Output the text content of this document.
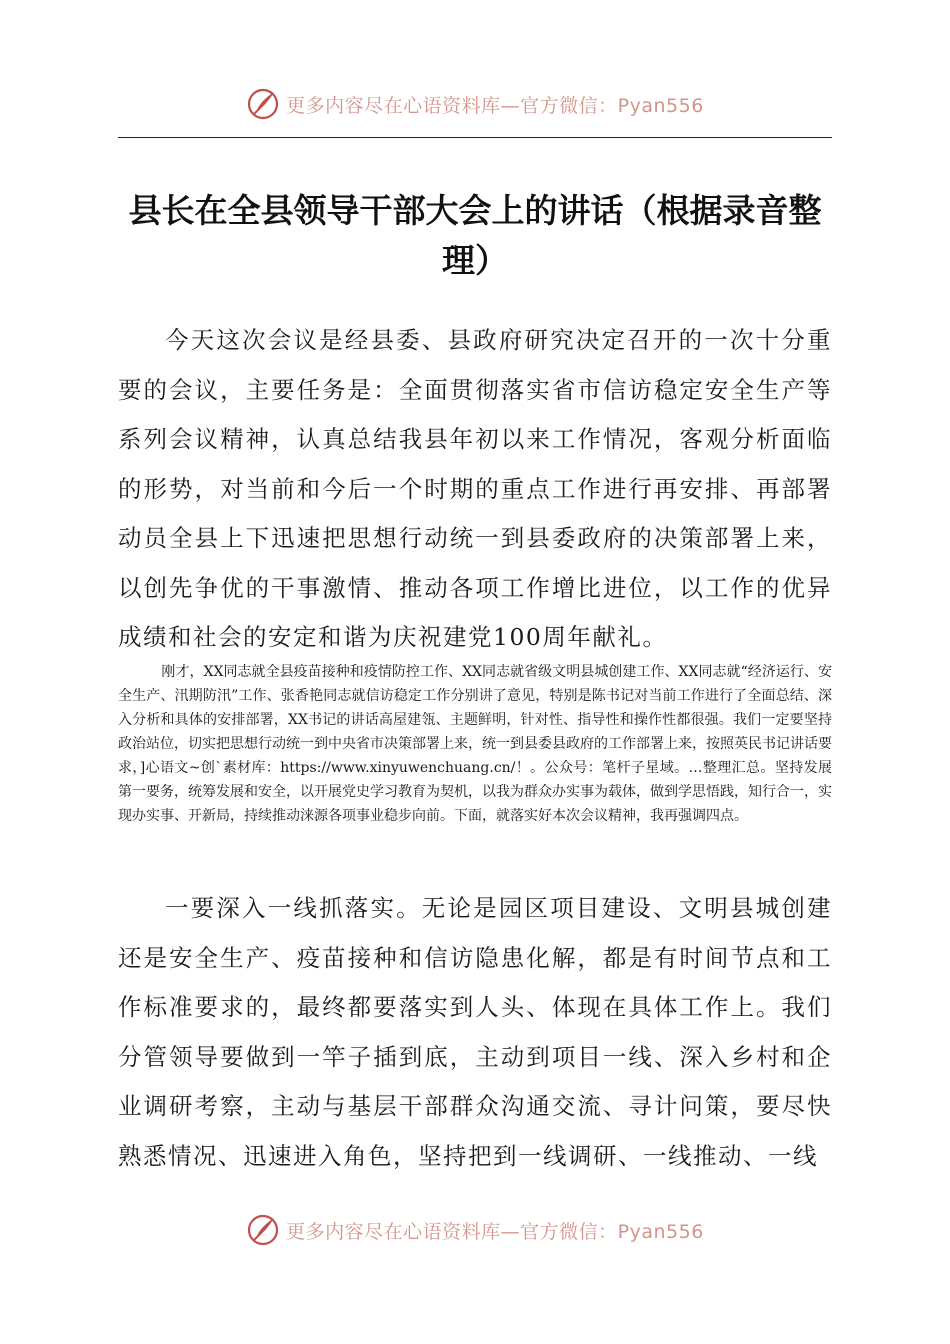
更多内容尽在心语资料库—官方微信：Pyan556
县长在全县领导干部大会上的讲话（根据录音整理）

今天这次会议是经县委、县政府研究决定召开的一次十分重要的会议，主要任务是：全面贯彻落实省市信访稳定安全生产等系列会议精神，认真总结我县年初以来工作情况，客观分析面临的形势，对当前和今后一个时期的重点工作进行再安排、再部署动员全县上下迅速把思想行动统一到县委政府的决策部署上来，以创先争优的干事激情、推动各项工作增比进位，以工作的优异成绩和社会的安定和谐为庆祝建党100周年献礼。

刚才，XX同志就全县疫苗接种和疫情防控工作、XX同志就省级文明县城创建工作、XX同志就“经济运行、安全生产、汛期防汛”工作、张香艳同志就信访稳定工作分别讲了意见，特别是陈书记对当前工作进行了全面总结、深入分析和具体的安排部署，XX书记的讲话高屋建瓴、主题鲜明，针对性、指导性和操作性都很强。我们一定要坚持政治站位，切实把思想行动统一到中央省市决策部署上来，统一到县委县政府的工作部署上来，按照英民书记讲话要求，]心语文~创`素材库：https://www.xinyuwenchuang.cn/！。公众号：笔杆子星域。…整理汇总。坚持发展第一要务，统筹发展和安全，以开展党史学习教育为契机，以我为群众办实事为载体，做到学思悟践，知行合一，实现办实事、开新局，持续推动涞源各项事业稳步向前。下面，就落实好本次会议精神，我再强调四点。

一要深入一线抓落实。无论是园区项目建设、文明县城创建还是安全生产、疫苗接种和信访隐患化解，都是有时间节点和工作标准要求的，最终都要落实到人头、体现在具体工作上。我们分管领导要做到一竿子插到底，主动到项目一线、深入乡村和企业调研考察，主动与基层干部群众沟通交流、寻计问策，要尽快熟悉情况、迅速进入角色，坚持把到一线调研、一线推动、一线

更多内容尽在心语资料库—官方微信：Pyan556
